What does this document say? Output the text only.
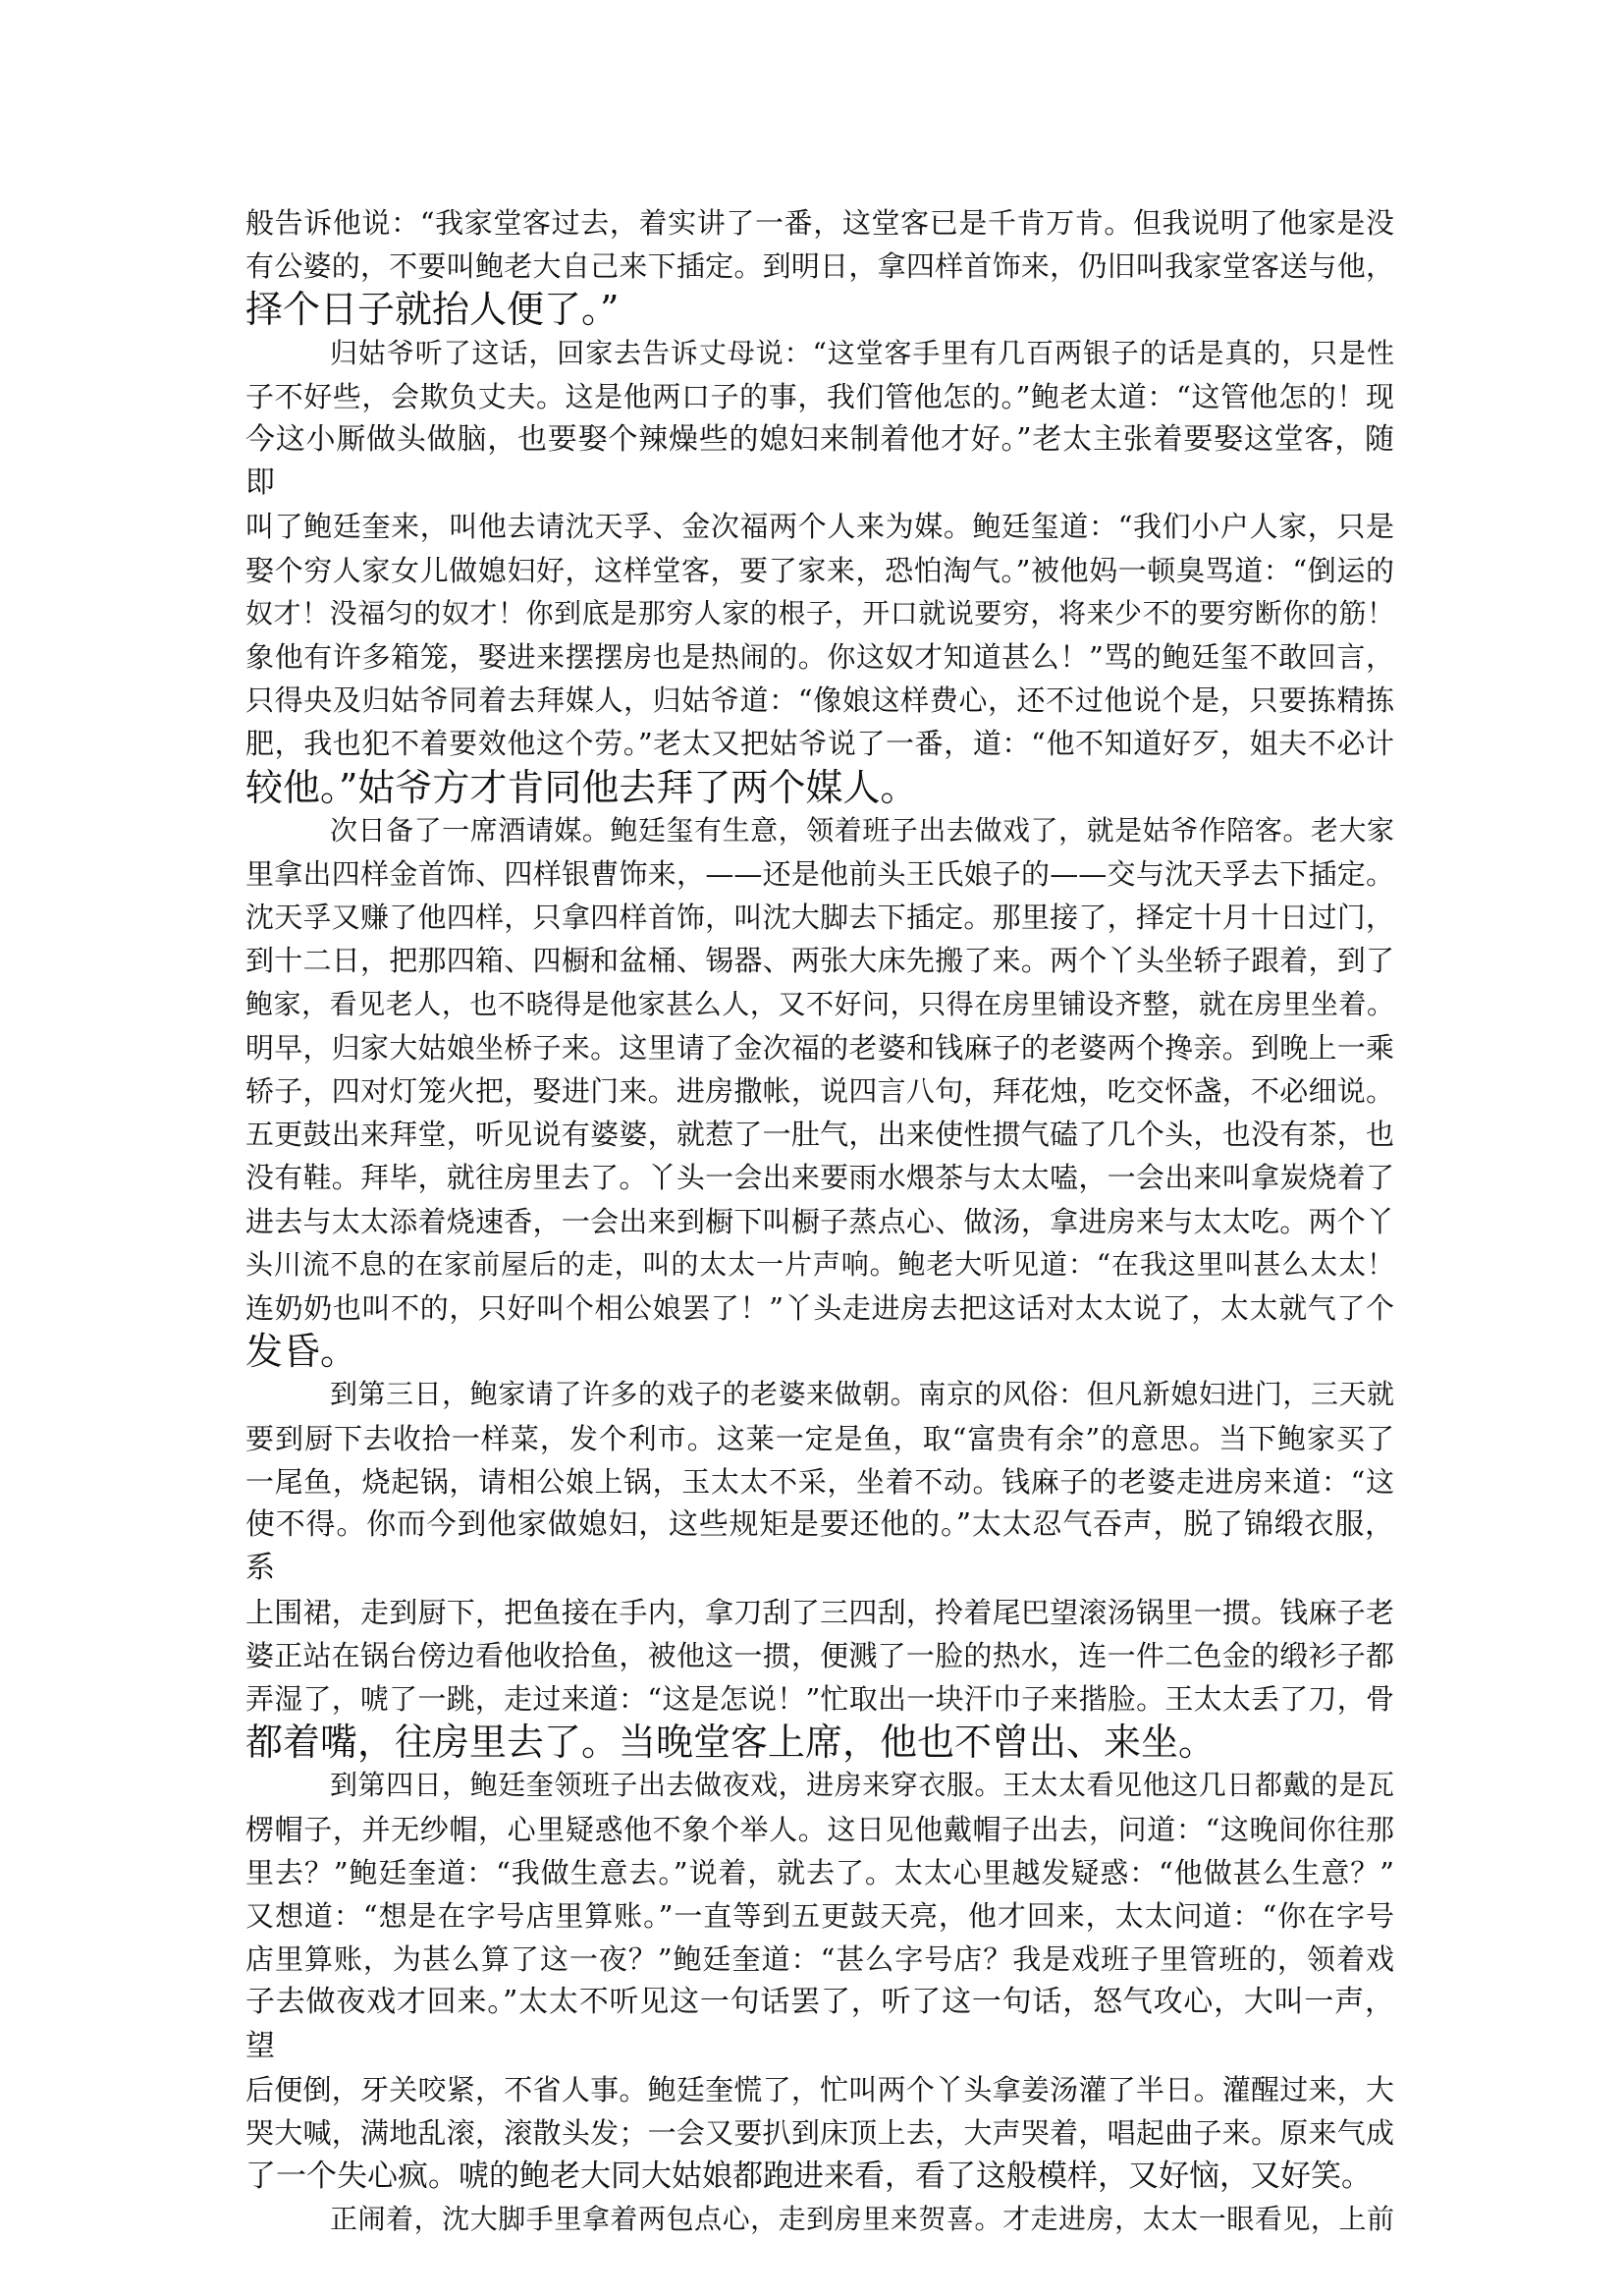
般告诉他说：“我家堂客过去，着实讲了一番，这堂客已是千肯万肯。但我说明了他家是没
有公婆的，不要叫鲍老大自己来下插定。到明日，拿四样首饰来，仍旧叫我家堂客送与他，
择个日子就抬人便了。”
归姑爷听了这话，回家去告诉丈母说：“这堂客手里有几百两银子的话是真的，只是性
子不好些，会欺负丈夫。这是他两口子的事，我们管他怎的。”鲍老太道：“这管他怎的！现
今这小厮做头做脑，也要娶个辣燥些的媳妇来制着他才好。”老太主张着要娶这堂客，随即
叫了鲍廷奎来，叫他去请沈天孚、金次福两个人来为媒。鲍廷玺道：“我们小户人家，只是
娶个穷人家女儿做媳妇好，这样堂客，要了家来，恐怕淘气。”被他妈一顿臭骂道：“倒运的
奴才！没福匀的奴才！你到底是那穷人家的根子，开口就说要穷，将来少不的要穷断你的筋！
象他有许多箱笼，娶进来摆摆房也是热闹的。你这奴才知道甚么！”骂的鲍廷玺不敢回言，
只得央及归姑爷同着去拜媒人，归姑爷道：“像娘这样费心，还不过他说个是，只要拣精拣
肥，我也犯不着要效他这个劳。”老太又把姑爷说了一番，道：“他不知道好歹，姐夫不必计
较他。”姑爷方才肯同他去拜了两个媒人。
次日备了一席酒请媒。鲍廷玺有生意，领着班子出去做戏了，就是姑爷作陪客。老大家
里拿出四样金首饰、四样银曹饰来，——还是他前头王氏娘子的——交与沈天孚去下插定。
沈天孚又赚了他四样，只拿四样首饰，叫沈大脚去下插定。那里接了，择定十月十日过门，
到十二日，把那四箱、四橱和盆桶、锡器、两张大床先搬了来。两个丫头坐轿子跟着，到了
鲍家，看见老人，也不晓得是他家甚么人，又不好问，只得在房里铺设齐整，就在房里坐着。
明早，归家大姑娘坐桥子来。这里请了金次福的老婆和钱麻子的老婆两个搀亲。到晚上一乘
轿子，四对灯笼火把，娶进门来。进房撒帐，说四言八句，拜花烛，吃交怀盏，不必细说。
五更鼓出来拜堂，听见说有婆婆，就惹了一肚气，出来使性掼气磕了几个头，也没有茶，也
没有鞋。拜毕，就往房里去了。丫头一会出来要雨水煨茶与太太嗑，一会出来叫拿炭烧着了
进去与太太添着烧速香，一会出来到橱下叫橱子蒸点心、做汤，拿进房来与太太吃。两个丫
头川流不息的在家前屋后的走，叫的太太一片声响。鲍老大听见道：“在我这里叫甚么太太！
连奶奶也叫不的，只好叫个相公娘罢了！”丫头走进房去把这话对太太说了，太太就气了个
发昏。
到第三日，鲍家请了许多的戏子的老婆来做朝。南京的风俗：但凡新媳妇进门，三天就
要到厨下去收拾一样菜，发个利市。这莱一定是鱼，取“富贵有余”的意思。当下鲍家买了
一尾鱼，烧起锅，请相公娘上锅，玉太太不采，坐着不动。钱麻子的老婆走进房来道：“这
使不得。你而今到他家做媳妇，这些规矩是要还他的。”太太忍气吞声，脱了锦缎衣服，系
上围裙，走到厨下，把鱼接在手内，拿刀刮了三四刮，拎着尾巴望滚汤锅里一掼。钱麻子老
婆正站在锅台傍边看他收拾鱼，被他这一掼，便溅了一脸的热水，连一件二色金的缎衫子都
弄湿了，唬了一跳，走过来道：“这是怎说！”忙取出一块汗巾子来揩脸。王太太丢了刀，骨
都着嘴，往房里去了。当晚堂客上席，他也不曾出、来坐。
到第四日，鲍廷奎领班子出去做夜戏，进房来穿衣服。王太太看见他这几日都戴的是瓦
楞帽子，并无纱帽，心里疑惑他不象个举人。这日见他戴帽子出去，问道：“这晚间你往那
里去？”鲍廷奎道：“我做生意去。”说着，就去了。太太心里越发疑惑：“他做甚么生意？”
又想道：“想是在字号店里算账。”一直等到五更鼓天亮，他才回来，太太问道：“你在字号
店里算账，为甚么算了这一夜？”鲍廷奎道：“甚么字号店？我是戏班子里管班的，领着戏
子去做夜戏才回来。”太太不听见这一句话罢了，听了这一句话，怒气攻心，大叫一声，望
后便倒，牙关咬紧，不省人事。鲍廷奎慌了，忙叫两个丫头拿姜汤灌了半日。灌醒过来，大
哭大喊，满地乱滚，滚散头发；一会又要扒到床顶上去，大声哭着，唱起曲子来。原来气成
了一个失心疯。唬的鲍老大同大姑娘都跑进来看，看了这般模样，又好恼，又好笑。
正闹着，沈大脚手里拿着两包点心，走到房里来贺喜。才走进房，太太一眼看见，上前
